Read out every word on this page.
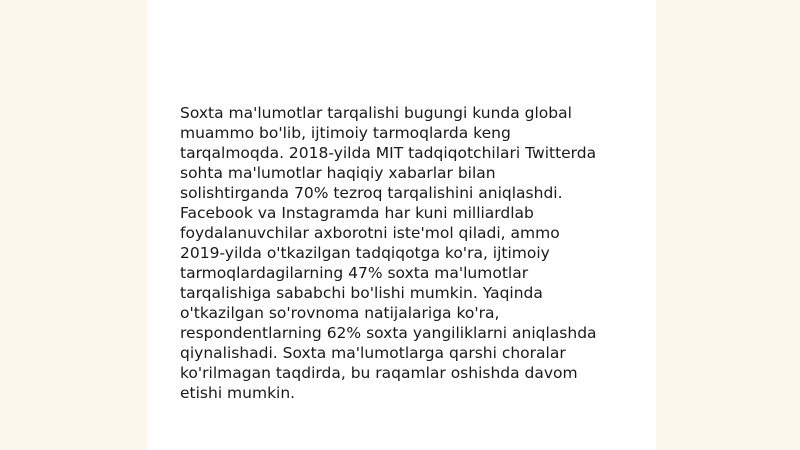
Soxta ma'lumotlar tarqalishi bugungi kunda global
muammo bo'lib, ijtimoiy tarmoqlarda keng
tarqalmoqda. 2018-yilda MIT tadqiqotchilari Twitterda
sohta ma'lumotlar haqiqiy xabarlar bilan
solishtirganda 70% tezroq tarqalishini aniqlashdi.
Facebook va Instagramda har kuni milliardlab
foydalanuvchilar axborotni iste'mol qiladi, ammo
2019-yilda o'tkazilgan tadqiqotga ko'ra, ijtimoiy
tarmoqlardagilarning 47% soxta ma'lumotlar
tarqalishiga sababchi bo'lishi mumkin. Yaqinda
o'tkazilgan so'rovnoma natijalariga ko'ra,
respondentlarning 62% soxta yangiliklarni aniqlashda
qiynalishadi. Soxta ma'lumotlarga qarshi choralar
ko'rilmagan taqdirda, bu raqamlar oshishda davom
etishi mumkin.
